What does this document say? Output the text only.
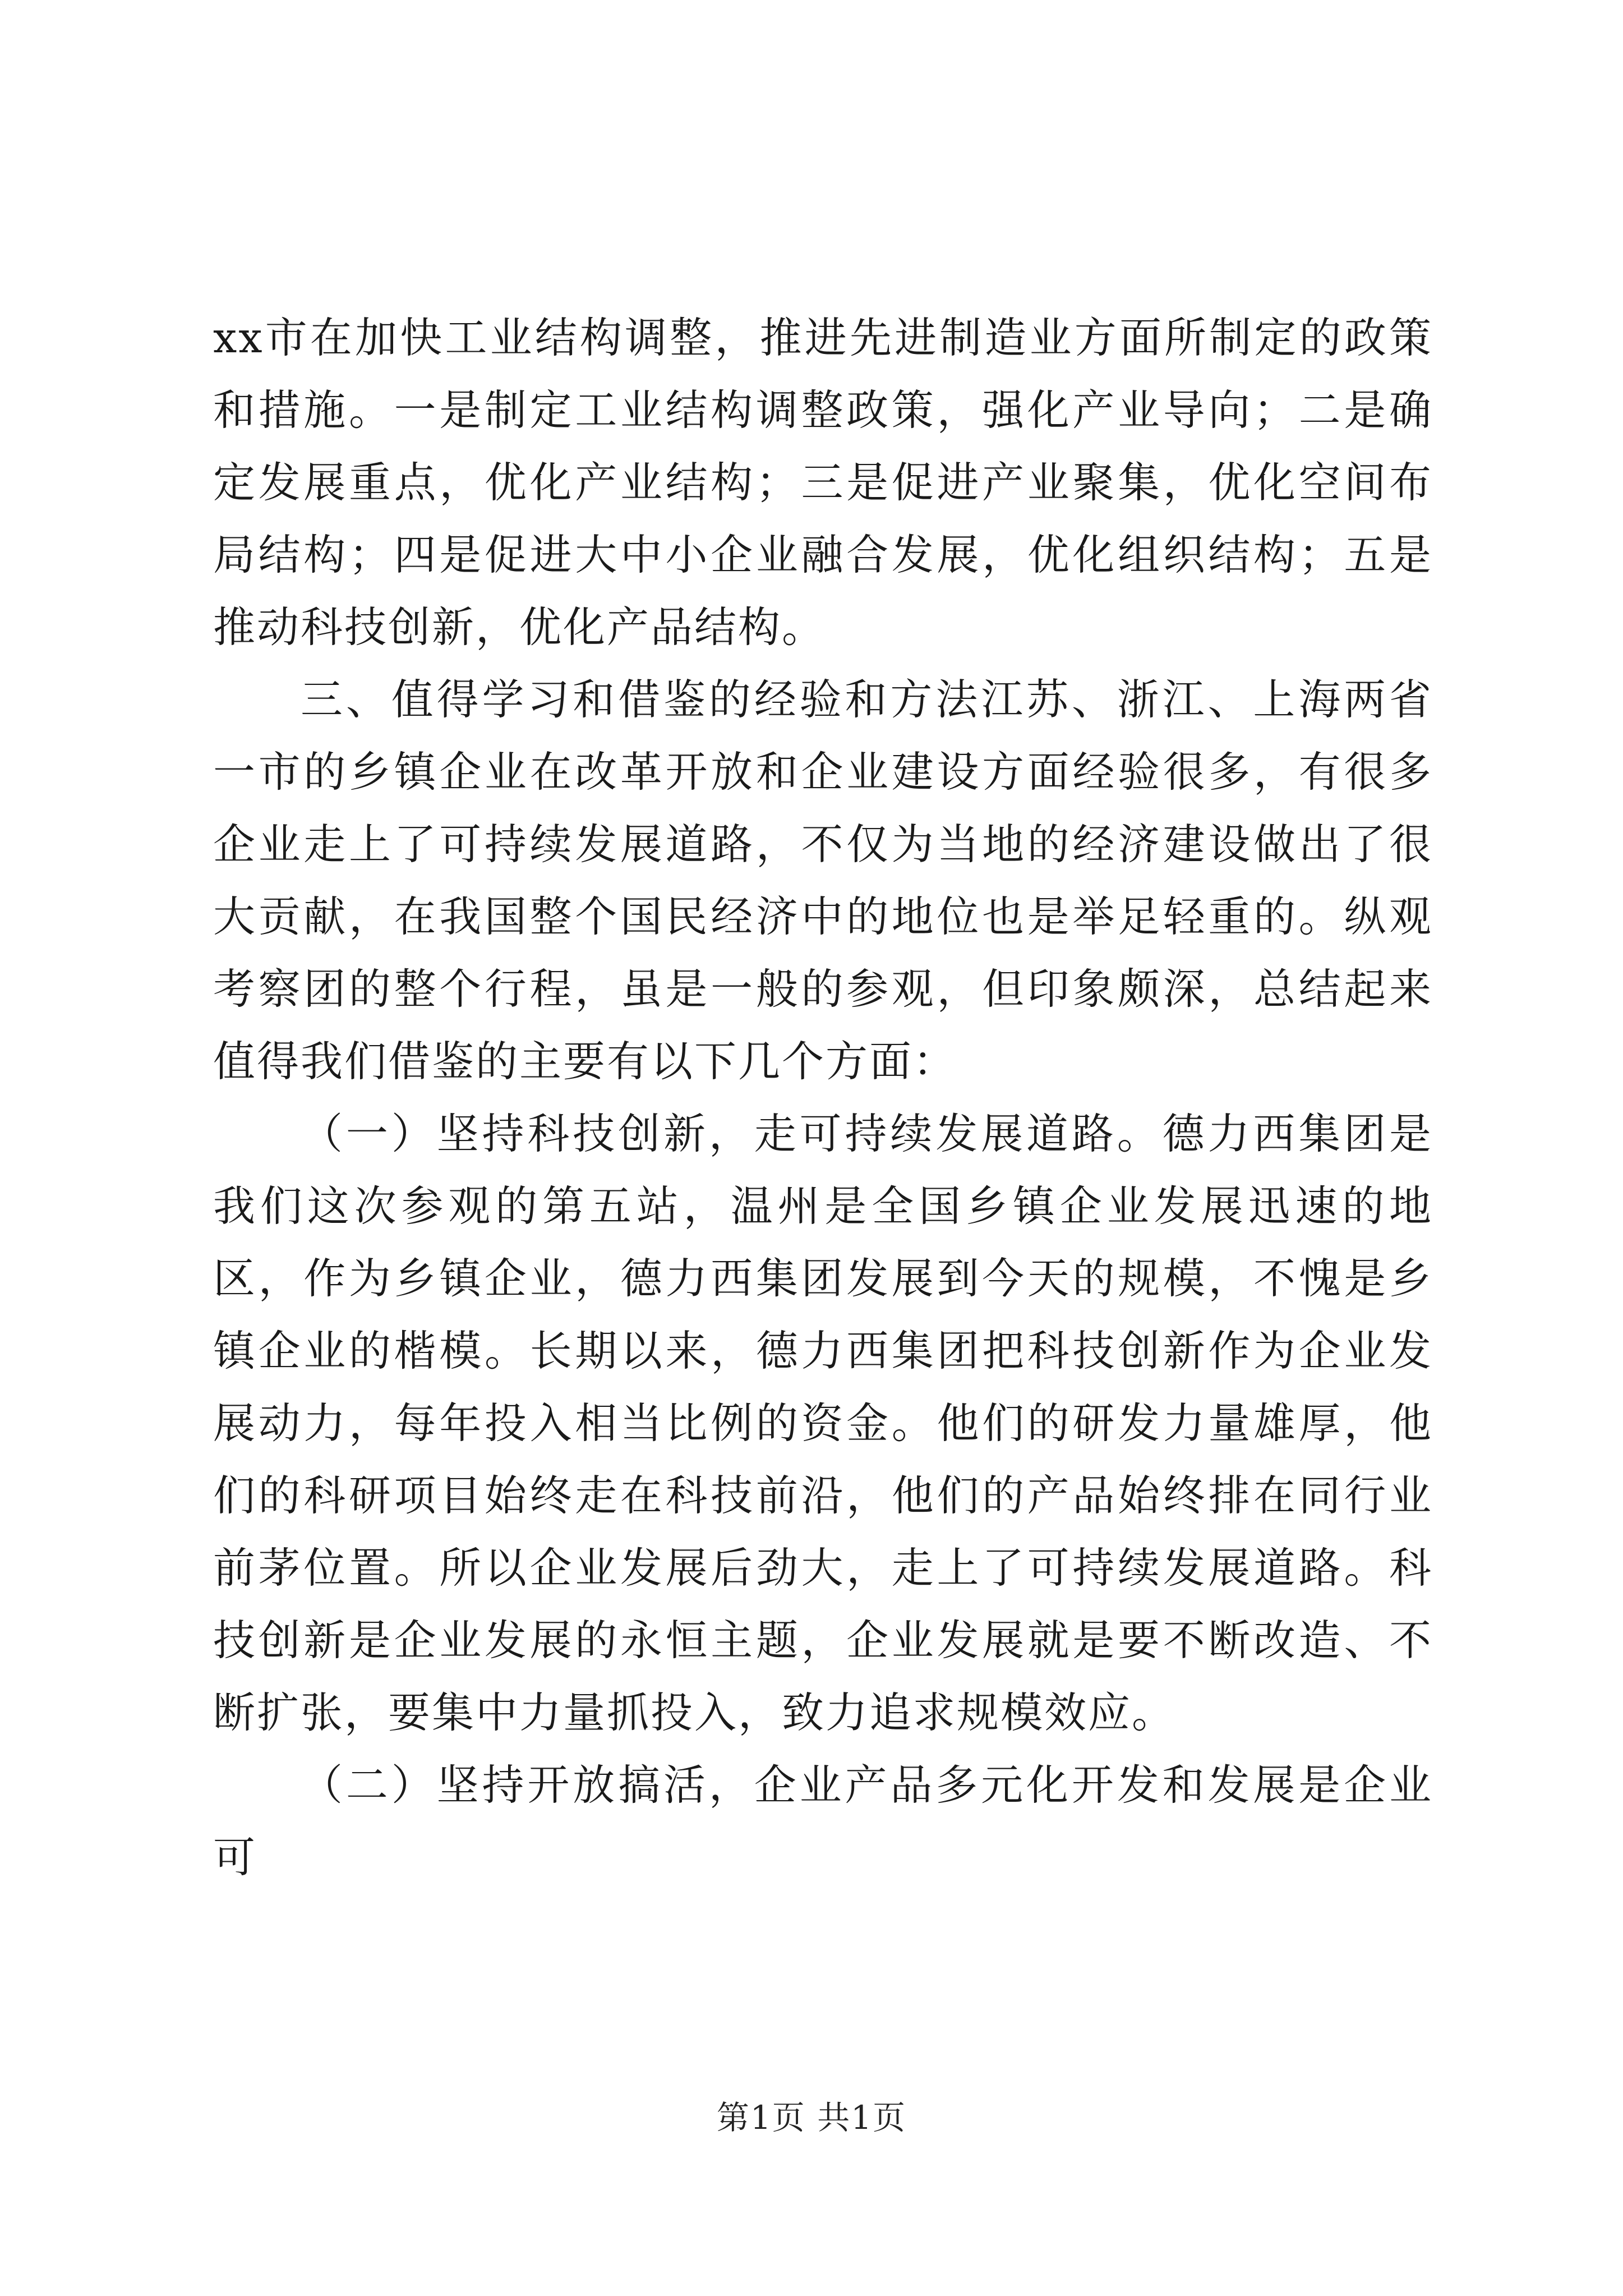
xx市在加快工业结构调整，推进先进制造业方面所制定的政策和措施。一是制定工业结构调整政策，强化产业导向；二是确定发展重点，优化产业结构；三是促进产业聚集，优化空间布局结构；四是促进大中小企业融合发展，优化组织结构；五是推动科技创新，优化产品结构。

三、值得学习和借鉴的经验和方法江苏、浙江、上海两省一市的乡镇企业在改革开放和企业建设方面经验很多，有很多企业走上了可持续发展道路，不仅为当地的经济建设做出了很大贡献，在我国整个国民经济中的地位也是举足轻重的。纵观考察团的整个行程，虽是一般的参观，但印象颇深，总结起来值得我们借鉴的主要有以下几个方面：

（一）坚持科技创新，走可持续发展道路。德力西集团是我们这次参观的第五站，温州是全国乡镇企业发展迅速的地区，作为乡镇企业，德力西集团发展到今天的规模，不愧是乡镇企业的楷模。长期以来，德力西集团把科技创新作为企业发展动力，每年投入相当比例的资金。他们的研发力量雄厚，他们的科研项目始终走在科技前沿，他们的产品始终排在同行业前茅位置。所以企业发展后劲大，走上了可持续发展道路。科技创新是企业发展的永恒主题，企业发展就是要不断改造、不断扩张，要集中力量抓投入，致力追求规模效应。

（二）坚持开放搞活，企业产品多元化开发和发展是企业可

第1页 共1页
